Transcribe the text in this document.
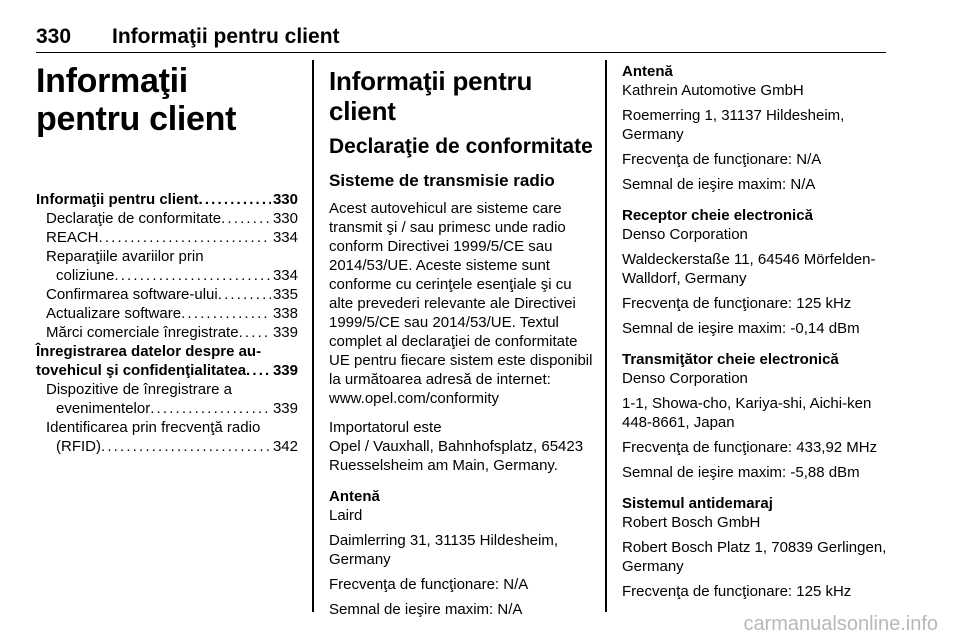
330 Informaţii pentru client
Informaţii pentru client
Informaţii pentru client . . .	330
Declaraţie de conformitate . . .	330
REACH . . .	334
Reparaţiile avariilor prin
coliziune . . .	334
Confirmarea software-ului . . .	335
Actualizare software . . .	338
Mărci comerciale înregistrate . . . 339
Înregistrarea datelor despre au-
tovehicul şi confidenţialitatea . . . 339
Dispozitive de înregistrare a
evenimentelor . . .	339
Identificarea prin frecvenţă radio
(RFID) . . .	342
Informaţii pentru client
Declaraţie de conformitate
Sisteme de transmisie radio
Acest autovehicul are sisteme care transmit şi / sau primesc unde radio conform Directivei 1999/5/CE sau 2014/53/UE. Aceste sisteme sunt conforme cu cerinţele esenţiale şi cu alte prevederi relevante ale Directivei 1999/5/CE sau 2014/53/UE. Textul complet al declaraţiei de conformitate UE pentru fiecare sistem este disponibil la următoarea adresă de internet: www.opel.com/conformity
Importatorul este
Opel / Vauxhall, Bahnhofsplatz, 65423 Ruesselsheim am Main, Germany.
Antenă
Laird
Daimlerring 31, 31135 Hildesheim, Germany
Frecvenţa de funcţionare: N/A
Semnal de ieşire maxim: N/A
Antenă
Kathrein Automotive GmbH
Roemerring 1, 31137 Hildesheim, Germany
Frecvenţa de funcţionare: N/A
Semnal de ieşire maxim: N/A
Receptor cheie electronică
Denso Corporation
Waldeckerstaße 11, 64546 Mörfelden-Walldorf, Germany
Frecvenţa de funcţionare: 125 kHz
Semnal de ieşire maxim: -0,14 dBm
Transmiţător cheie electronică
Denso Corporation
1-1, Showa-cho, Kariya-shi, Aichi-ken 448-8661, Japan
Frecvenţa de funcţionare: 433,92 MHz
Semnal de ieşire maxim: -5,88 dBm
Sistemul antidemaraj
Robert Bosch GmbH
Robert Bosch Platz 1, 70839 Gerlingen, Germany
Frecvenţa de funcţionare: 125 kHz
carmanualsonline.info
